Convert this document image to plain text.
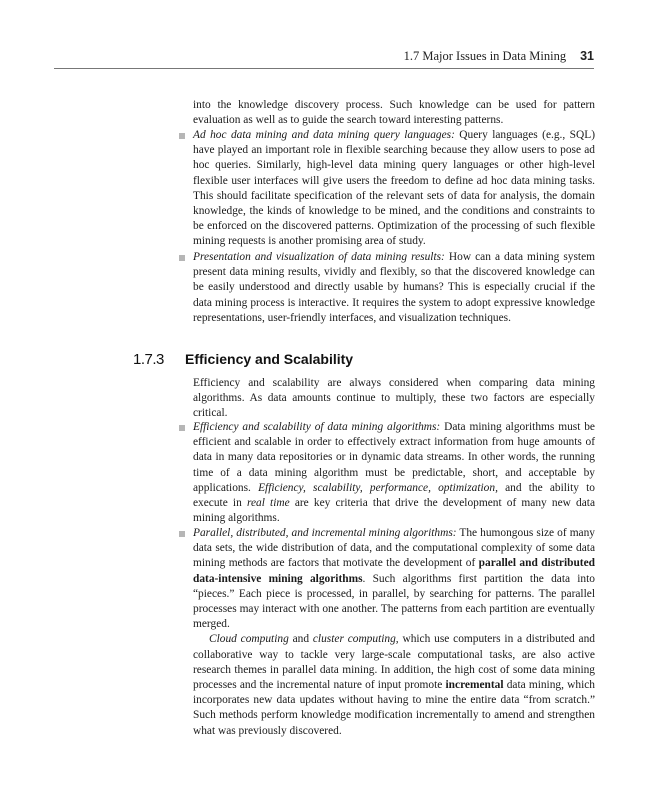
1.7 Major Issues in Data Mining 31

into the knowledge discovery process. Such knowledge can be used for pattern evaluation as well as to guide the search toward interesting patterns.

Ad hoc data mining and data mining query languages: Query languages (e.g., SQL) have played an important role in flexible searching because they allow users to pose ad hoc queries. Similarly, high-level data mining query languages or other high-level flexible user interfaces will give users the freedom to define ad hoc data mining tasks. This should facilitate specification of the relevant sets of data for analysis, the domain knowledge, the kinds of knowledge to be mined, and the conditions and constraints to be enforced on the discovered patterns. Optimization of the processing of such flexible mining requests is another promising area of study.
Presentation and visualization of data mining results: How can a data mining system present data mining results, vividly and flexibly, so that the discovered knowledge can be easily understood and directly usable by humans? This is especially crucial if the data mining process is interactive. It requires the system to adopt expressive knowledge representations, user-friendly interfaces, and visualization techniques.
1.7.3 Efficiency and Scalability

Efficiency and scalability are always considered when comparing data mining algorithms. As data amounts continue to multiply, these two factors are especially critical.

Efficiency and scalability of data mining algorithms: Data mining algorithms must be efficient and scalable in order to effectively extract information from huge amounts of data in many data repositories or in dynamic data streams. In other words, the running time of a data mining algorithm must be predictable, short, and acceptable by applications. Efficiency, scalability, performance, optimization, and the ability to execute in real time are key criteria that drive the development of many new data mining algorithms.
Parallel, distributed, and incremental mining algorithms: The humongous size of many data sets, the wide distribution of data, and the computational complexity of some data mining methods are factors that motivate the development of parallel and distributed data-intensive mining algorithms. Such algorithms first partition the data into “pieces.” Each piece is processed, in parallel, by searching for patterns. The parallel processes may interact with one another. The patterns from each partition are eventually merged.
Cloud computing and cluster computing, which use computers in a distributed and collaborative way to tackle very large-scale computational tasks, are also active research themes in parallel data mining. In addition, the high cost of some data mining processes and the incremental nature of input promote incremental data mining, which incorporates new data updates without having to mine the entire data “from scratch.” Such methods perform knowledge modification incrementally to amend and strengthen what was previously discovered.
